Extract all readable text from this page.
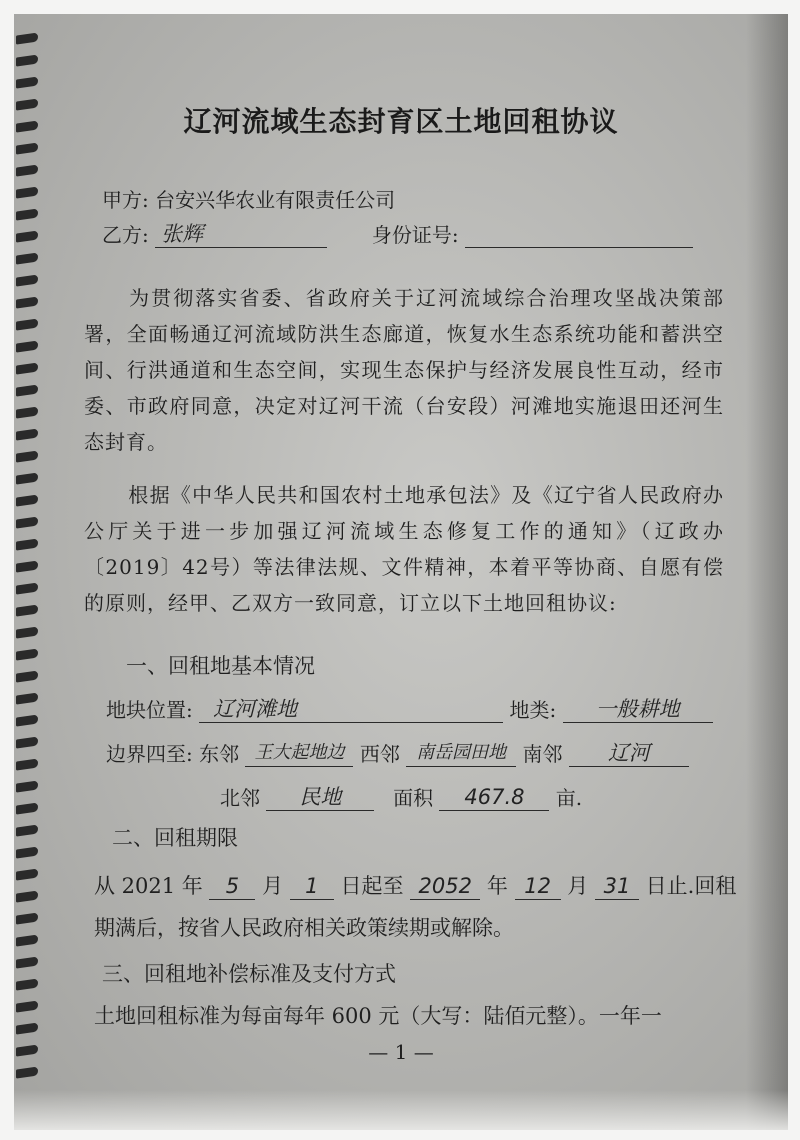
辽河流域生态封育区土地回租协议
甲方: 台安兴华农业有限责任公司
乙方: 张辉	身份证号:
为贯彻落实省委、省政府关于辽河流域综合治理攻坚战决策部署，全面畅通辽河流域防洪生态廊道，恢复水生态系统功能和蓄洪空间、行洪通道和生态空间，实现生态保护与经济发展良性互动，经市委、市政府同意，决定对辽河干流（台安段）河滩地实施退田还河生态封育。
根据《中华人民共和国农村土地承包法》及《辽宁省人民政府办公厅关于进一步加强辽河流域生态修复工作的通知》（辽政办〔2019〕42号）等法律法规、文件精神，本着平等协商、自愿有偿的原则，经甲、乙双方一致同意，订立以下土地回租协议:
一、回租地基本情况
地块位置: 辽河滩地	地类: 一般耕地
边界四至: 东邻 王大起地边 西邻 南岳园田地 南邻 辽河
北邻 民地	面积 467.8 亩.
二、回租期限
从 2021 年 5 月 1 日起至 2052 年 12 月 31 日止.回租
期满后，按省人民政府相关政策续期或解除。
三、回租地补偿标准及支付方式
土地回租标准为每亩每年 600 元（大写：陆佰元整）。一年一
— 1 —
